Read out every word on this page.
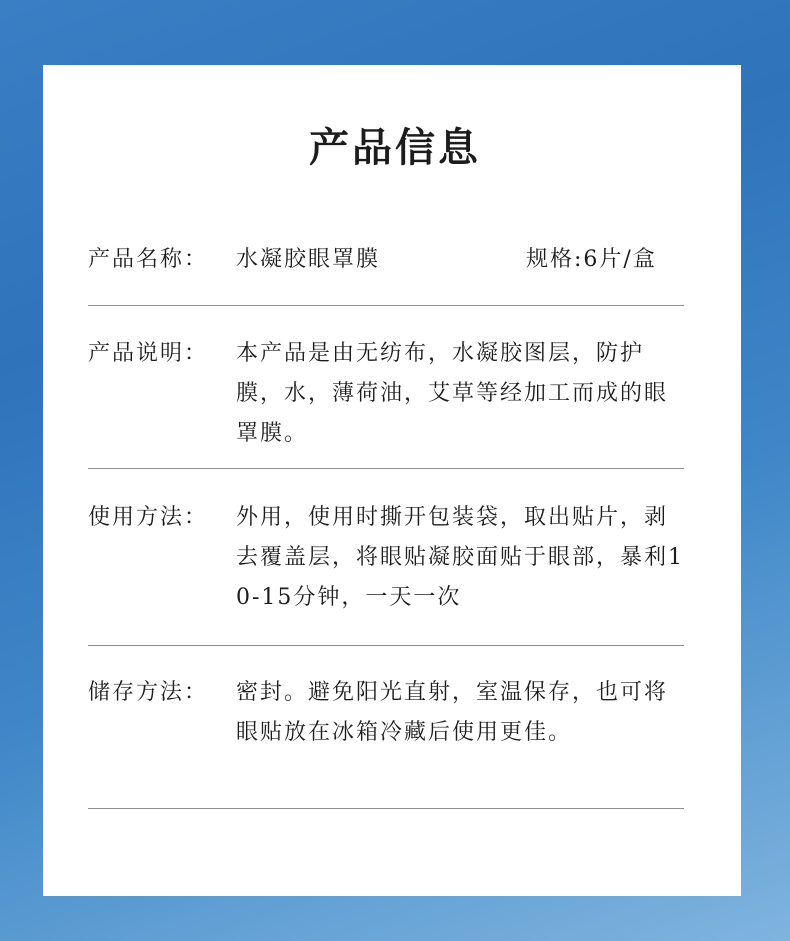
产品信息
产品名称： 水凝胶眼罩膜	规格:6片/盒
产品说明： 本产品是由无纺布，水凝胶图层，防护膜，水，薄荷油，艾草等经加工而成的眼罩膜。
使用方法： 外用，使用时撕开包装袋，取出贴片，剥去覆盖层，将眼贴凝胶面贴于眼部，暴利10-15分钟，一天一次
储存方法： 密封。避免阳光直射，室温保存，也可将眼贴放在冰箱冷藏后使用更佳。
